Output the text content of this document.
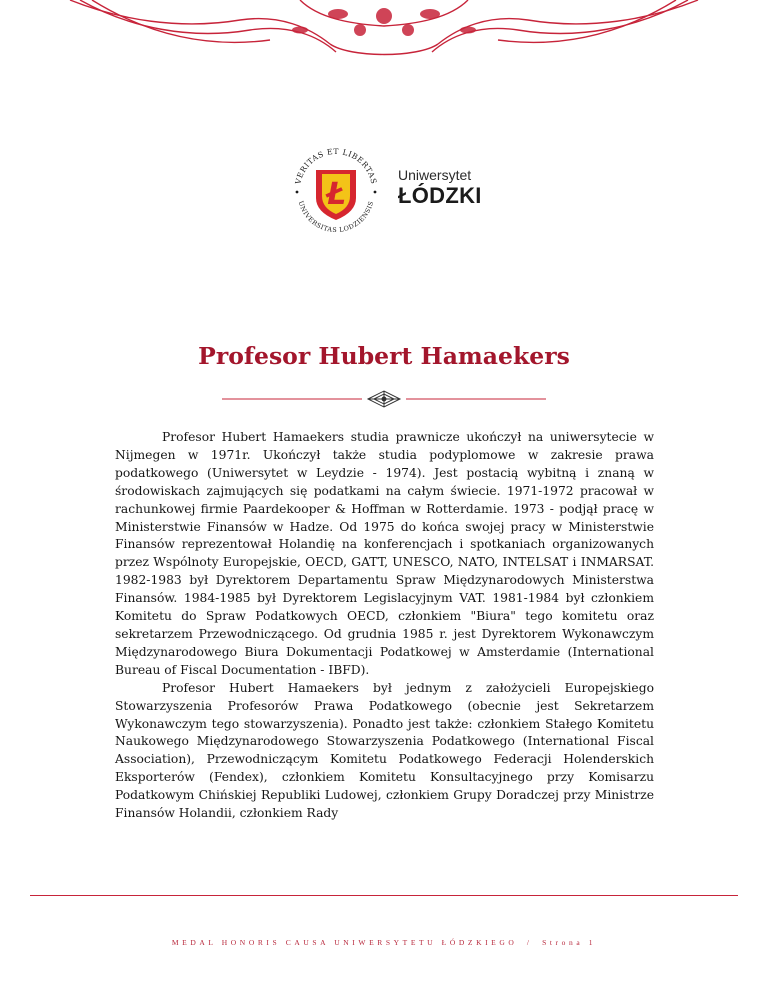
VERITAS ET LIBERTAS
UNIVERSITAS LODZIENSIS
Ł
Uniwersytet
ŁÓDZKI
Profesor Hubert Hamaekers

Profesor Hubert Hamaekers studia prawnicze ukończył na uniwersytecie w Nijmegen w 1971r. Ukończył także studia podyplomowe w zakresie prawa podatkowego (Uniwersytet w Leydzie - 1974). Jest postacią wybitną i znaną w środowiskach zajmujących się podatkami na całym świecie. 1971-1972 pracował w rachunkowej firmie Paardekooper & Hoffman w Rotterdamie. 1973 - podjął pracę w Ministerstwie Finansów w Hadze. Od 1975 do końca swojej pracy w Ministerstwie Finansów reprezentował Holandię na konferencjach i spotkaniach organizowanych przez Wspólnoty Europejskie, OECD, GATT, UNESCO, NATO, INTELSAT i INMARSAT. 1982-1983 był Dyrektorem Departamentu Spraw Międzynarodowych Ministerstwa Finansów. 1984-1985 był Dyrektorem Legislacyjnym VAT. 1981-1984 był członkiem Komitetu do Spraw Podatkowych OECD, członkiem "Biura" tego komitetu oraz sekretarzem Przewodniczącego. Od grudnia 1985 r. jest Dyrektorem Wykonawczym Międzynarodowego Biura Dokumentacji Podatkowej w Amsterdamie (International Bureau of Fiscal Documentation - IBFD).

Profesor Hubert Hamaekers był jednym z założycieli Europejskiego Stowarzyszenia Profesorów Prawa Podatkowego (obecnie jest Sekretarzem Wykonawczym tego stowarzyszenia). Ponadto jest także: członkiem Stałego Komitetu Naukowego Międzynarodowego Stowarzyszenia Podatkowego (International Fiscal Association), Przewodniczącym Komitetu Podatkowego Federacji Holenderskich Eksporterów (Fendex), członkiem Komitetu Konsultacyjnego przy Komisarzu Podatkowym Chińskiej Republiki Ludowej, członkiem Grupy Doradczej przy Ministrze Finansów Holandii, członkiem Rady

MEDAL HONORIS CAUSA UNIWERSYTETU ŁÓDZKIEGO / Strona 1
